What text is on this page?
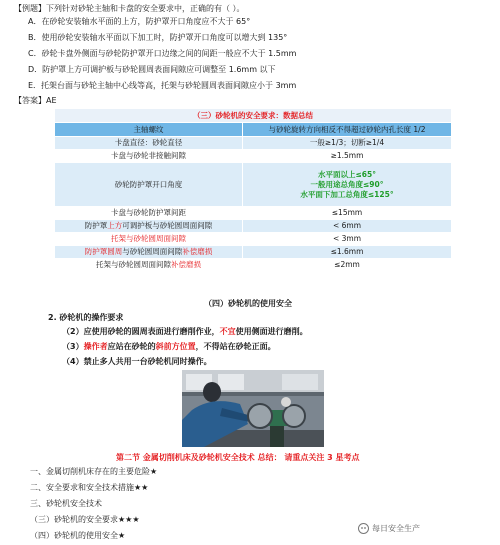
【例题】下列针对砂轮主轴和卡盘的安全要求中，正确的有（ ）。
A．在砂轮安装轴水平面的上方，防护罩开口角度应不大于 65°
B．使用砂轮安装轴水平面以下加工时，防护罩开口角度可以增大到 135°
C．砂轮卡盘外侧面与砂轮防护罩开口边缘之间的间距一般应不大于 1.5mm
D．防护罩上方可调护板与砂轮圆周表面间隙应可调整至 1.6mm 以下
E．托架台面与砂轮主轴中心线等高，托架与砂轮圆周表面间隙应小于 3mm
【答案】AE
（三）砂轮机的安全要求：数据总结	
主轴螺纹	与砂轮旋转方向相反不得超过砂轮内孔长度 1/2
卡盘直径：砂轮直径	一般≥1/3；切断≥1/4
卡盘与砂轮非接触间隙	≥1.5mm
砂轮防护罩开口角度	水平面以上≤65°
一般用途总角度≤90°
水平面下加工总角度≤125°

卡盘与砂轮防护罩间距	≤15mm
防护罩上方可调护板与砂轮圆周面间隙	< 6mm
托架与砂轮圆周面间隙	< 3mm
防护罩圆周与砂轮圆周面间隙补偿磨损	≤1.6mm
托架与砂轮圆周面间隙补偿磨损	≤2mm
（四）砂轮机的使用安全
2. 砂轮机的操作要求
（2）应使用砂轮的圆周表面进行磨削作业，不宜使用侧面进行磨削。
（3）操作者应站在砂轮的斜前方位置，不得站在砂轮正面。
（4）禁止多人共用一台砂轮机同时操作。
第二节 金属切削机床及砂轮机安全技术 总结： 请重点关注 3 星考点
一、金属切削机床存在的主要危险★
二、安全要求和安全技术措施★★
三、砂轮机安全技术
（三）砂轮机的安全要求★★★
（四）砂轮机的使用安全★
每日安全生产
